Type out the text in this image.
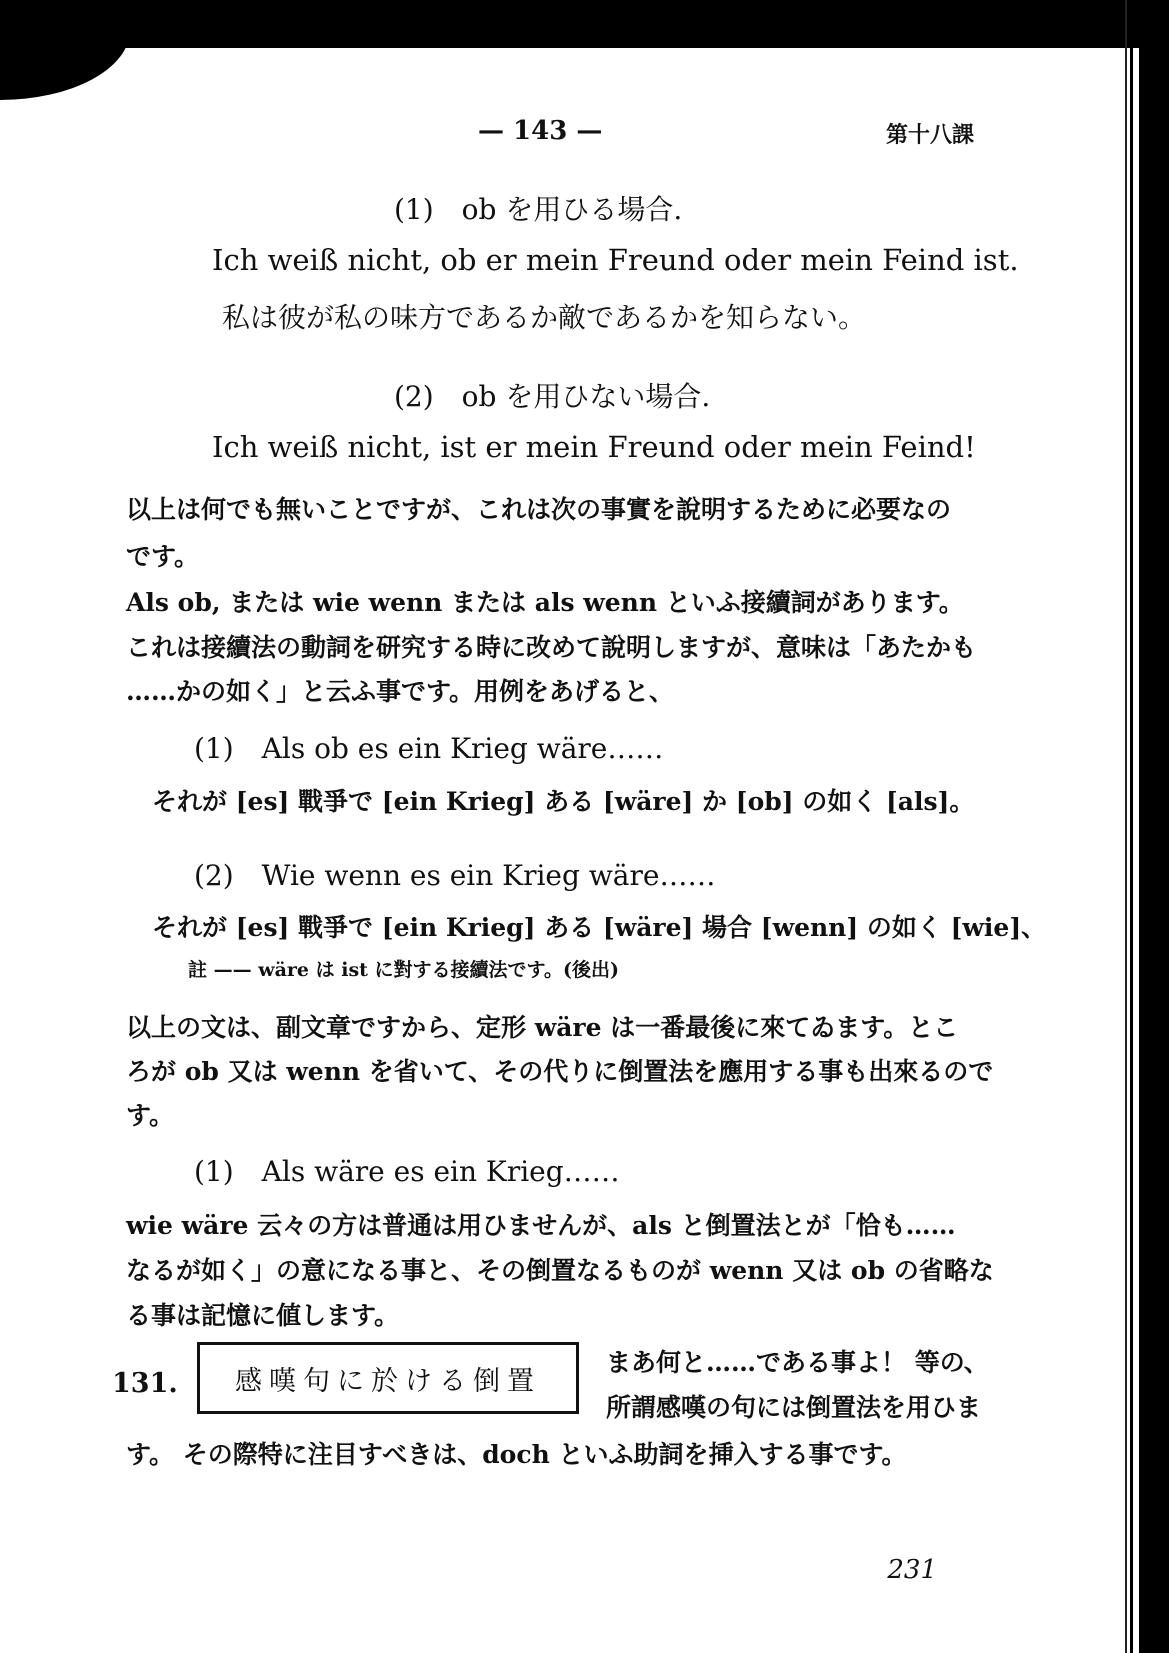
— 143 —	第十八課
(1)　ob を用ひる場合.
Ich weiß nicht, ob er mein Freund oder mein Feind ist.
私は彼が私の味方であるか敵であるかを知らない。
(2)　ob を用ひない場合.
Ich weiß nicht, ist er mein Freund oder mein Feind!
以上は何でも無いことですが、これは次の事實を說明するために必要なの
です。
Als ob, または wie wenn または als wenn といふ接續詞があります。
これは接續法の動詞を研究する時に改めて說明しますが、意味は「あたかも
……かの如く」と云ふ事です。用例をあげると、
(1)　Als ob es ein Krieg wäre……
それが [es] 戰爭で [ein Krieg] ある [wäre] か [ob] の如く [als]。
(2)　Wie wenn es ein Krieg wäre……
それが [es] 戰爭で [ein Krieg] ある [wäre] 場合 [wenn] の如く [wie]、
註 —— wäre は ist に對する接續法です。(後出)
以上の文は、副文章ですから、定形 wäre は一番最後に來てゐます。とこ
ろが ob 又は wenn を省いて、その代りに倒置法を應用する事も出來るので
す。
(1)　Als wäre es ein Krieg……
wie wäre 云々の方は普通は用ひませんが、als と倒置法とが「恰も……
なるが如く」の意になる事と、その倒置なるものが wenn 又は ob の省略な
る事は記憶に値します。
131. 感嘆句に於ける倒置
まあ何と……である事よ！ 等の、
所謂感嘆の句には倒置法を用ひま
す。 その際特に注目すべきは、doch といふ助詞を挿入する事です。
231
